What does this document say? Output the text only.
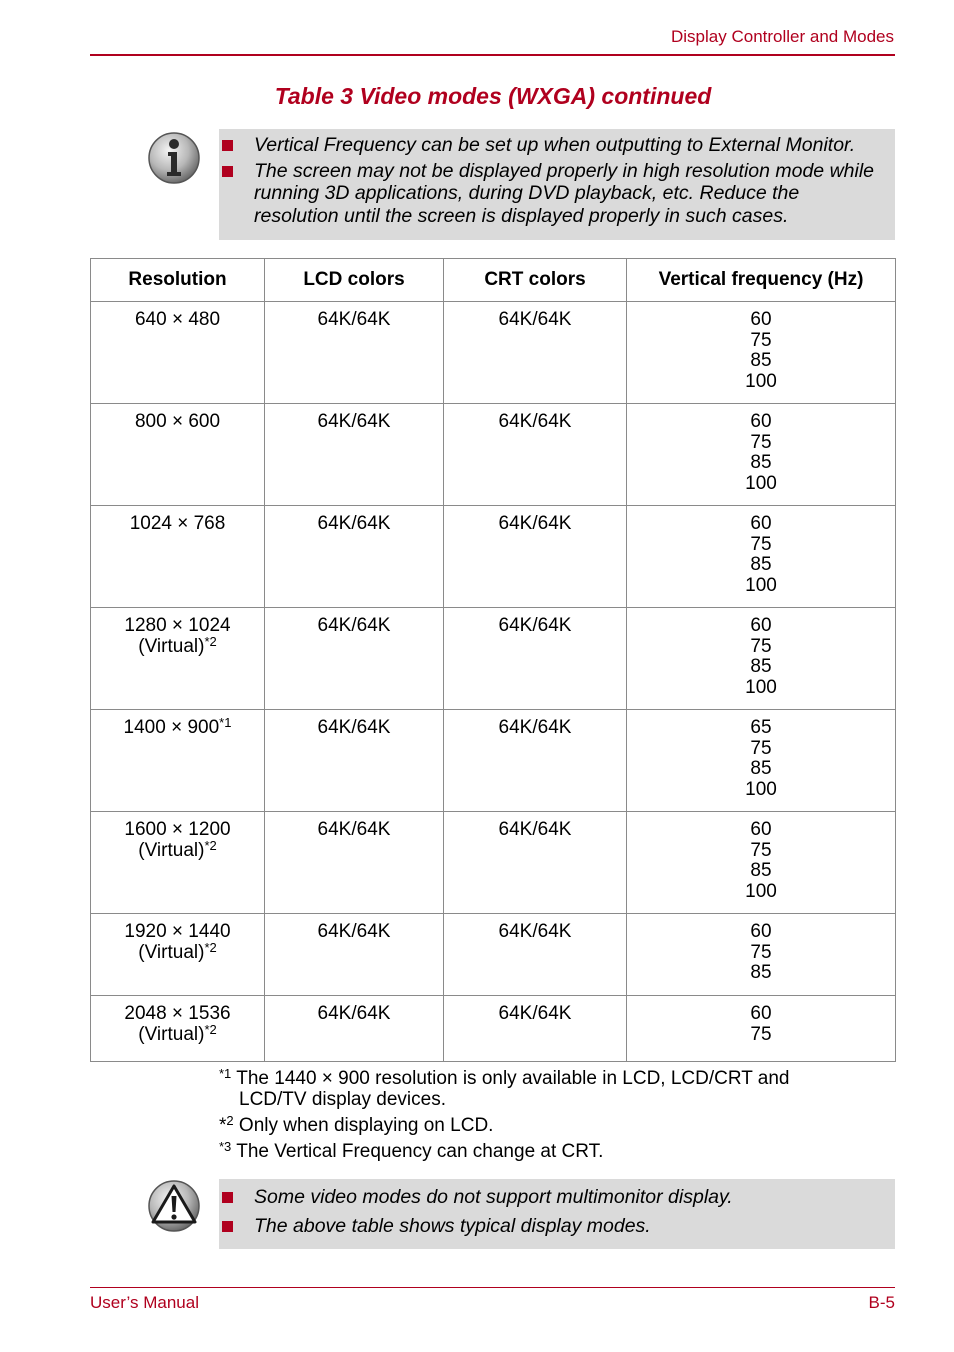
Display Controller and Modes
Table 3 Video modes (WXGA) continued
Vertical Frequency can be set up when outputting to External Monitor.
The screen may not be displayed properly in high resolution mode while running 3D applications, during DVD playback, etc. Reduce the resolution until the screen is displayed properly in such cases.
Resolution	LCD colors	CRT colors	Vertical frequency (Hz)
640 × 480	64K/64K	64K/64K	60
75
85
100

800 × 600	64K/64K	64K/64K	60
75
85
100

1024 × 768	64K/64K	64K/64K	60
75
85
100

1280 × 1024
(Virtual)$^{*2}$	64K/64K	64K/64K	60
75
85
100

$1400 \times 900^{*1}$	64K/64K	64K/64K	65
75
85
100

1600 × 1200
(Virtual)$^{*2}$	64K/64K	64K/64K	60
75
85
100

1920 × 1440
(Virtual)$^{*2}$	64K/64K	64K/64K	60
75
85

2048 × 1536
(Virtual)$^{*2}$	64K/64K	64K/64K	60
75
$^{*1}$ The 1440 × 900 resolution is only available in LCD, LCD/CRT and
LCD/TV display devices.
*$^2$ Only when displaying on LCD.
$^{*3}$ The Vertical Frequency can change at CRT.
Some video modes do not support multimonitor display.
The above table shows typical display modes.
User’s Manual	B-5
